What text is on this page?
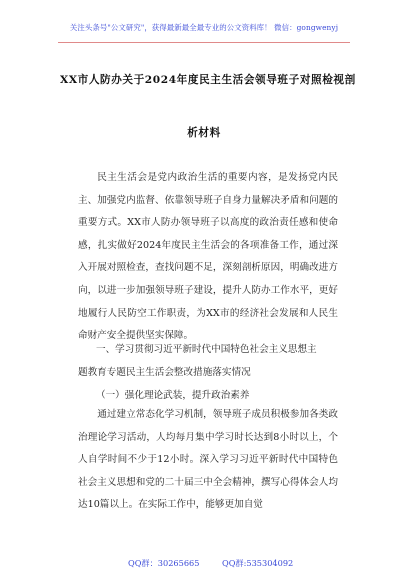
关注头条号"公文研究"，获得最新最全最专业的公文资料库！ 微信：gongwenyj
XX市人防办关于2024年度民主生活会领导班子对照检视剖
析材料
民主生活会是党内政治生活的重要内容，是发扬党内民主、加强党内监督、依靠领导班子自身力量解决矛盾和问题的重要方式。XX市人防办领导班子以高度的政治责任感和使命感，扎实做好2024年度民主生活会的各项准备工作，通过深入开展对照检查，查找问题不足，深刻剖析原因，明确改进方向，以进一步加强领导班子建设，提升人防办工作水平，更好地履行人民防空工作职责，为XX市的经济社会发展和人民生命财产安全提供坚实保障。
一、学习贯彻习近平新时代中国特色社会主义思想主
题教育专题民主生活会整改措施落实情况
（一）强化理论武装，提升政治素养
通过建立常态化学习机制，领导班子成员积极参加各类政治理论学习活动，人均每月集中学习时长达到8小时以上，个人自学时间不少于12小时。深入学习习近平新时代中国特色社会主义思想和党的二十届三中全会精神，撰写心得体会人均达10篇以上。在实际工作中，能够更加自觉
QQ群：30265665	QQ群:535304092
